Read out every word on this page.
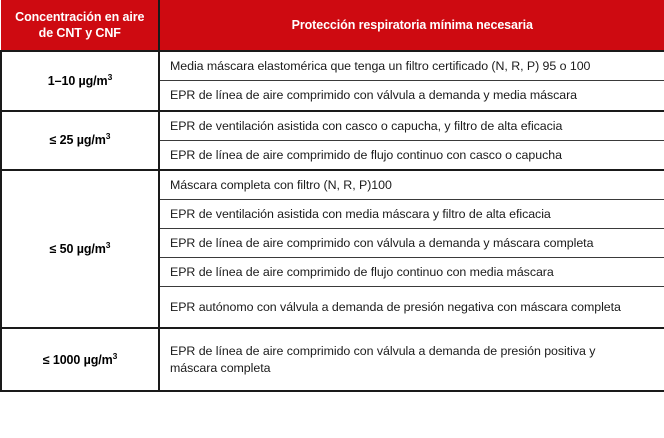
Concentración en aire
de CNT y CNF	Protección respiratoria mínima necesaria
1–10 $\mu g/m^3$	Media máscara elastomérica que tenga un filtro certificado (N, R, P) 95 o 100
	EPR de línea de aire comprimido con válvula a demanda y media máscara
≤ 25 $\mu g/m^3$	EPR de ventilación asistida con casco o capucha, y filtro de alta eficacia
	EPR de línea de aire comprimido de flujo continuo con casco o capucha
≤ 50 $\mu g/m^3$	Máscara completa con filtro (N, R, P)100
	EPR de ventilación asistida con media máscara y filtro de alta eficacia
	EPR de línea de aire comprimido con válvula a demanda y máscara completa
	EPR de línea de aire comprimido de flujo continuo con media máscara
	EPR autónomo con válvula a demanda de presión negativa con máscara completa
≤ 1000 $\mu g/m^3$	EPR de línea de aire comprimido con válvula a demanda de presión positiva y máscara completa
